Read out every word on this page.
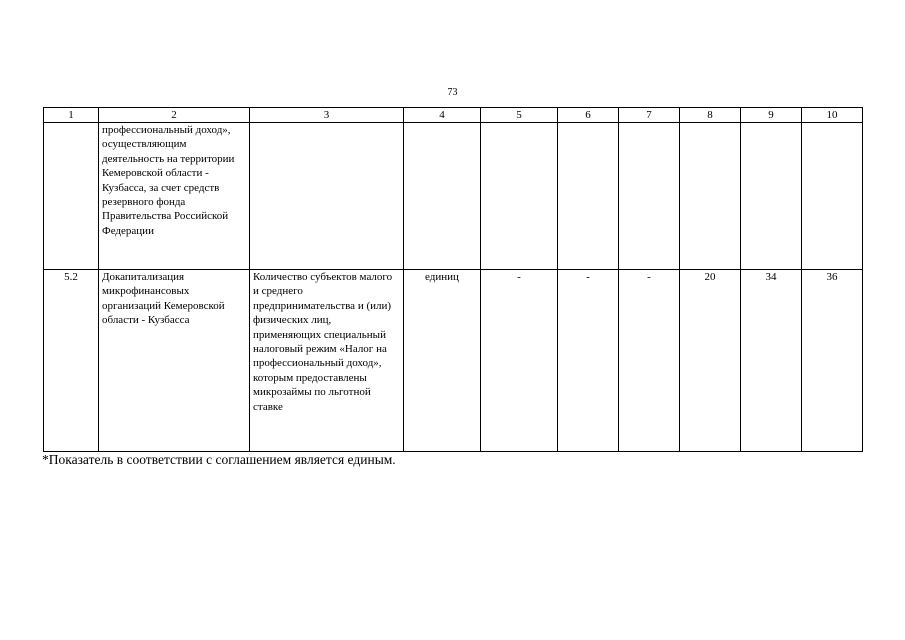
73
1	2	3	4	5	6	7	8	9	10
	профессиональный доход», осуществляющим деятельность на территории Кемеровской области - Кузбасса, за счет средств резервного фонда Правительства Российской Федерации								
5.2	Докапитализация микрофинансовых организаций Кемеровской области - Кузбасса	Количество субъектов малого и среднего предпринимательства и (или) физических лиц, применяющих специальный налоговый режим «Налог на профессиональный доход», которым предоставлены микрозаймы по льготной ставке	единиц	-	-	-	20	34	36
*Показатель в соответствии с соглашением является единым.
